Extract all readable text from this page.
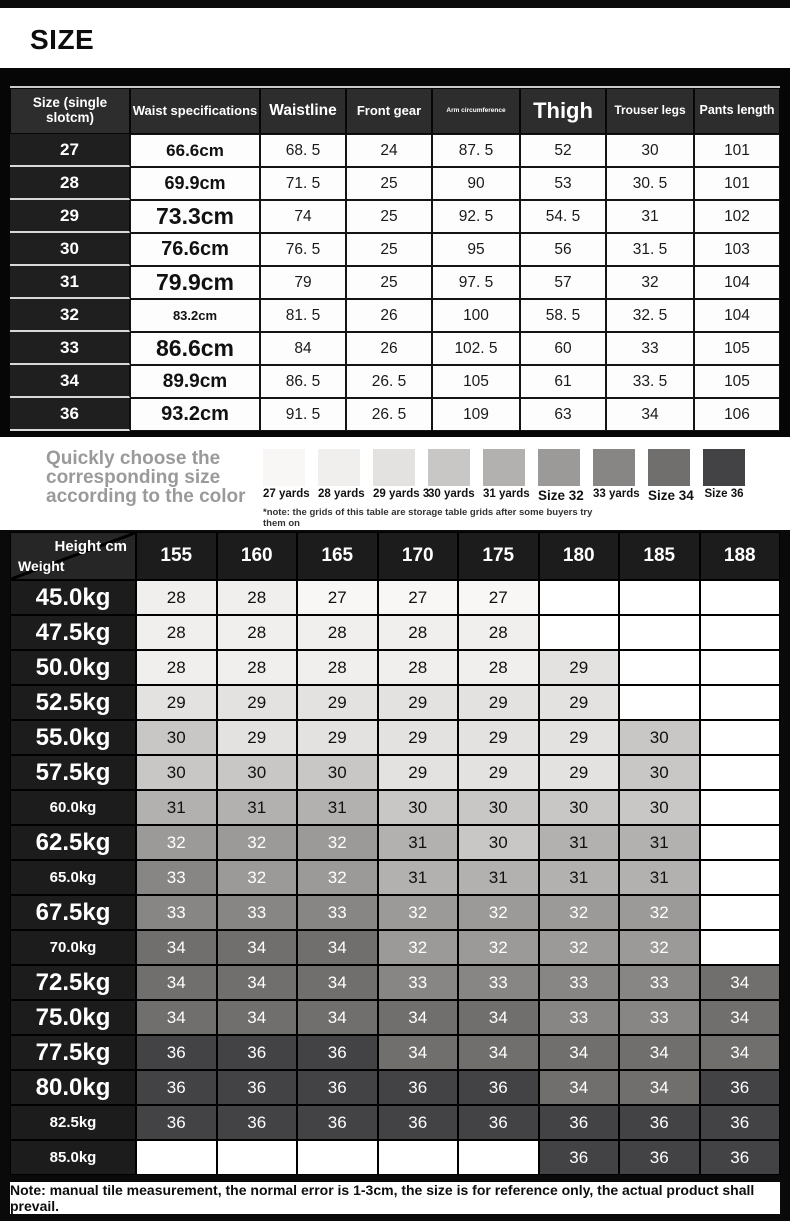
SIZE
Size (single slotcm)	Waist specifications	Waistline	Front gear	Arm circumference	Thigh	Trouser legs	Pants length
27	66.6cm	68. 5	24	87. 5	52	30	101
28	69.9cm	71. 5	25	90	53	30. 5	101
29	73.3cm	74	25	92. 5	54. 5	31	102
30	76.6cm	76. 5	25	95	56	31. 5	103
31	79.9cm	79	25	97. 5	57	32	104
32	83.2cm	81. 5	26	100	58. 5	32. 5	104
33	86.6cm	84	26	102. 5	60	33	105
34	89.9cm	86. 5	26. 5	105	61	33. 5	105
36	93.2cm	91. 5	26. 5	109	63	34	106
Quickly choose the corresponding size according to the color	27 yards 28 yards 29 yards 3
30 yards 31 yards Size 32 33 yards Size 34 Size 36
*note: the grids of this table are storage table grids after some buyers try them on
Height cm
Weight	155	160	165	170	175	180	185	188
45.0kg	28	28	27	27	27			
47.5kg	28	28	28	28	28			
50.0kg	28	28	28	28	28	29		
52.5kg	29	29	29	29	29	29		
55.0kg	30	29	29	29	29	29	30	
57.5kg	30	30	30	29	29	29	30	
60.0kg	31	31	31	30	30	30	30	
62.5kg	32	32	32	31	30	31	31	
65.0kg	33	32	32	31	31	31	31	
67.5kg	33	33	33	32	32	32	32	
70.0kg	34	34	34	32	32	32	32	
72.5kg	34	34	34	33	33	33	33	34
75.0kg	34	34	34	34	34	33	33	34
77.5kg	36	36	36	34	34	34	34	34
80.0kg	36	36	36	36	36	34	34	36
82.5kg	36	36	36	36	36	36	36	36
85.0kg						36	36	36
Note: manual tile measurement, the normal error is 1-3cm, the size is for reference only, the actual product shall prevail.
